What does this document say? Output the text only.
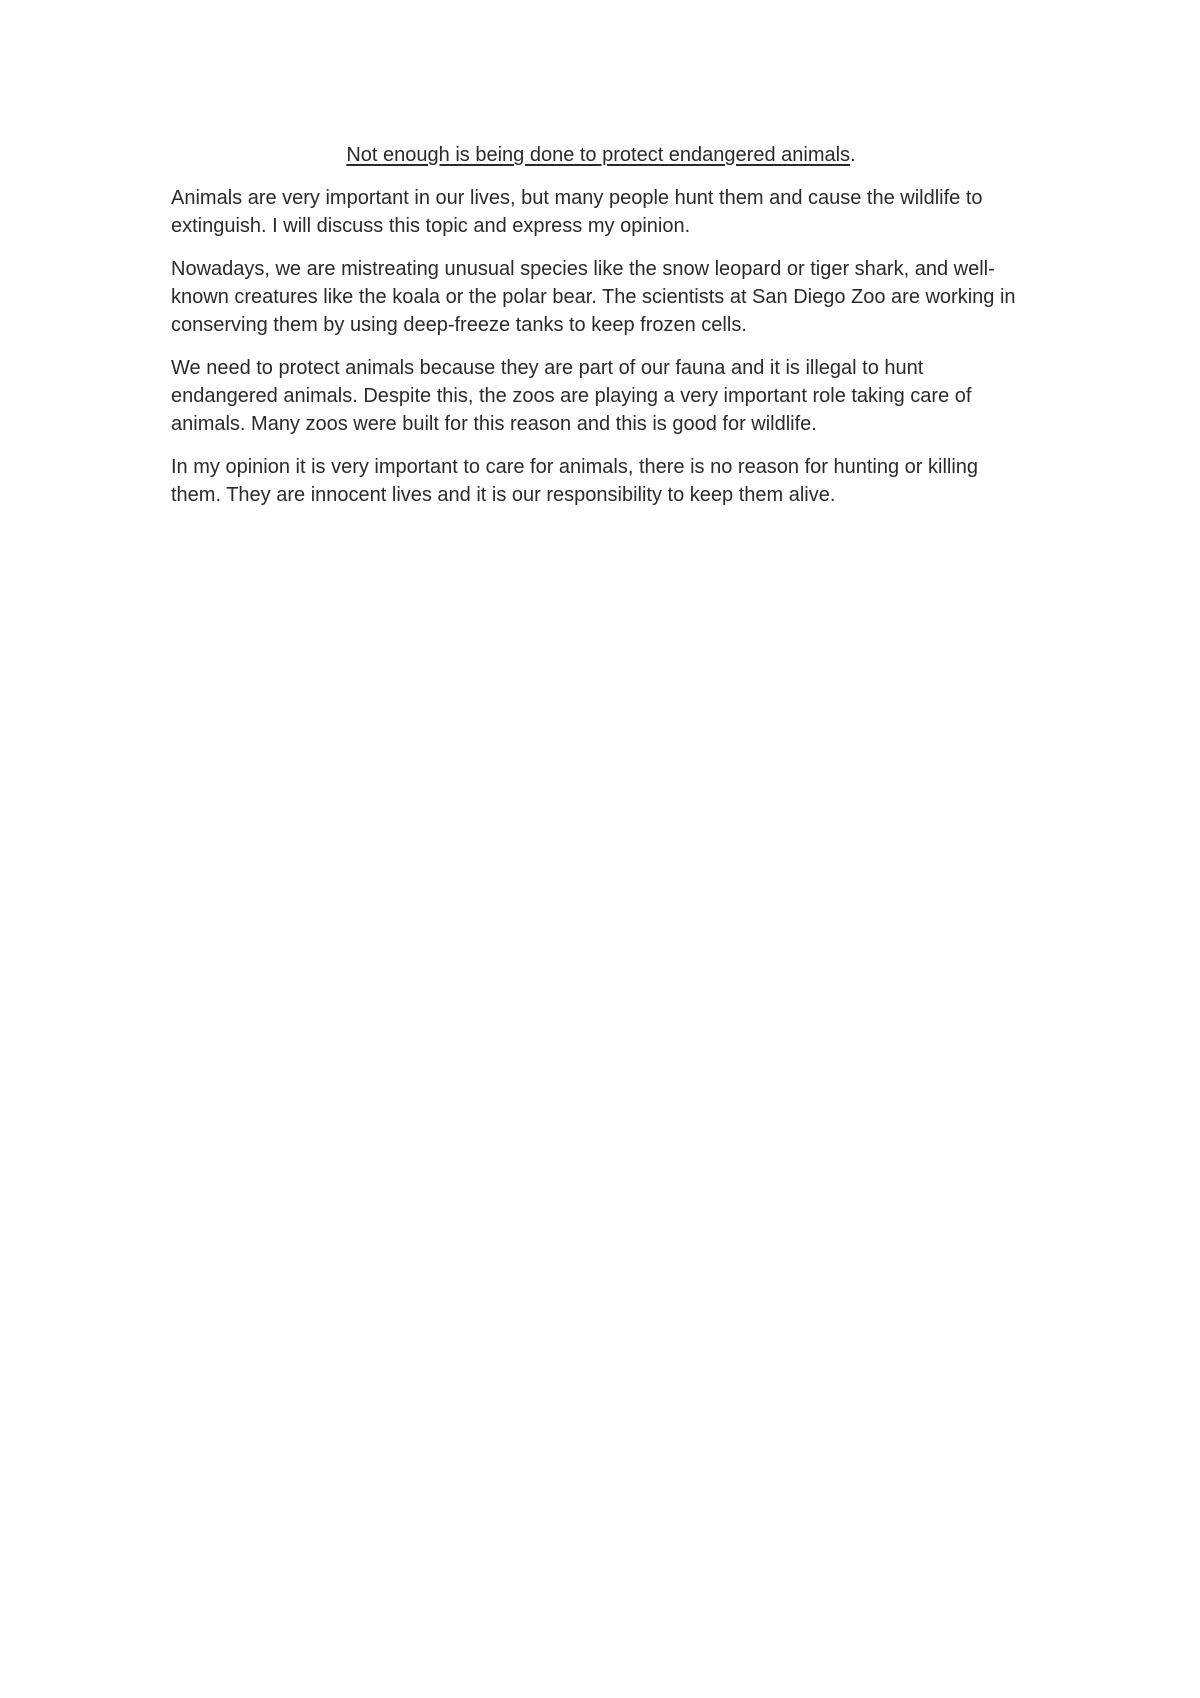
Not enough is being done to protect endangered animals.

Animals are very important in our lives, but many people hunt them and cause the wildlife to extinguish. I will discuss this topic and express my opinion.

Nowadays, we are mistreating unusual species like the snow leopard or tiger shark, and well-known creatures like the koala or the polar bear. The scientists at San Diego Zoo are working in conserving them by using deep-freeze tanks to keep frozen cells.

We need to protect animals because they are part of our fauna and it is illegal to hunt endangered animals. Despite this, the zoos are playing a very important role taking care of animals. Many zoos were built for this reason and this is good for wildlife.

In my opinion it is very important to care for animals, there is no reason for hunting or killing them. They are innocent lives and it is our responsibility to keep them alive.
